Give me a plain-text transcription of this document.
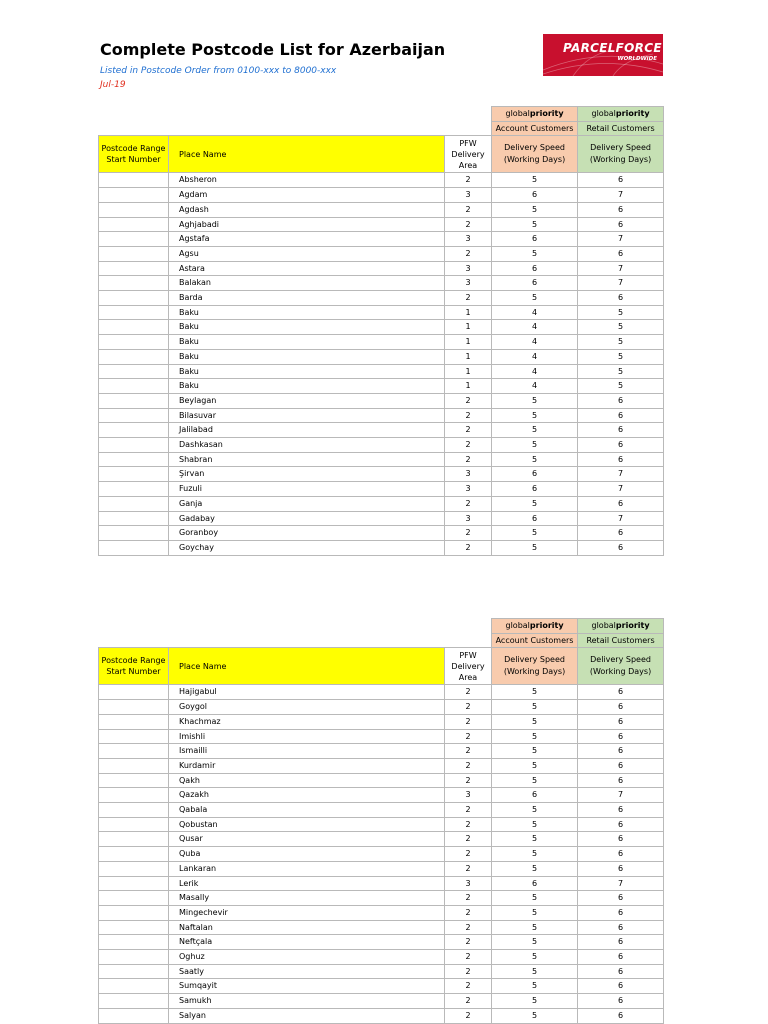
Complete Postcode List for Azerbaijan
Listed in Postcode Order from 0100-xxx to 8000-xxx
Jul-19
PARCELFORCE
WORLDWIDE
			globalpriority	globalpriority
			Account Customers	Retail Customers
Postcode Range Start Number	Place Name	PFW Delivery Area	Delivery Speed (Working Days)	Delivery Speed (Working Days)
	Absheron	2	5	6
	Agdam	3	6	7
	Agdash	2	5	6
	Aghjabadi	2	5	6
	Agstafa	3	6	7
	Agsu	2	5	6
	Astara	3	6	7
	Balakan	3	6	7
	Barda	2	5	6
	Baku	1	4	5
	Baku	1	4	5
	Baku	1	4	5
	Baku	1	4	5
	Baku	1	4	5
	Baku	1	4	5
	Beylagan	2	5	6
	Bilasuvar	2	5	6
	Jalilabad	2	5	6
	Dashkasan	2	5	6
	Shabran	2	5	6
	Şirvan	3	6	7
	Fuzuli	3	6	7
	Ganja	2	5	6
	Gadabay	3	6	7
	Goranboy	2	5	6
	Goychay	2	5	6
			globalpriority	globalpriority
			Account Customers	Retail Customers
Postcode Range Start Number	Place Name	PFW Delivery Area	Delivery Speed (Working Days)	Delivery Speed (Working Days)
	Hajigabul	2	5	6
	Goygol	2	5	6
	Khachmaz	2	5	6
	Imishli	2	5	6
	Ismailli	2	5	6
	Kurdamir	2	5	6
	Qakh	2	5	6
	Qazakh	3	6	7
	Qabala	2	5	6
	Qobustan	2	5	6
	Qusar	2	5	6
	Quba	2	5	6
	Lankaran	2	5	6
	Lerik	3	6	7
	Masally	2	5	6
	Mingechevir	2	5	6
	Naftalan	2	5	6
	Neftçala	2	5	6
	Oghuz	2	5	6
	Saatly	2	5	6
	Sumqayit	2	5	6
	Samukh	2	5	6
	Salyan	2	5	6
